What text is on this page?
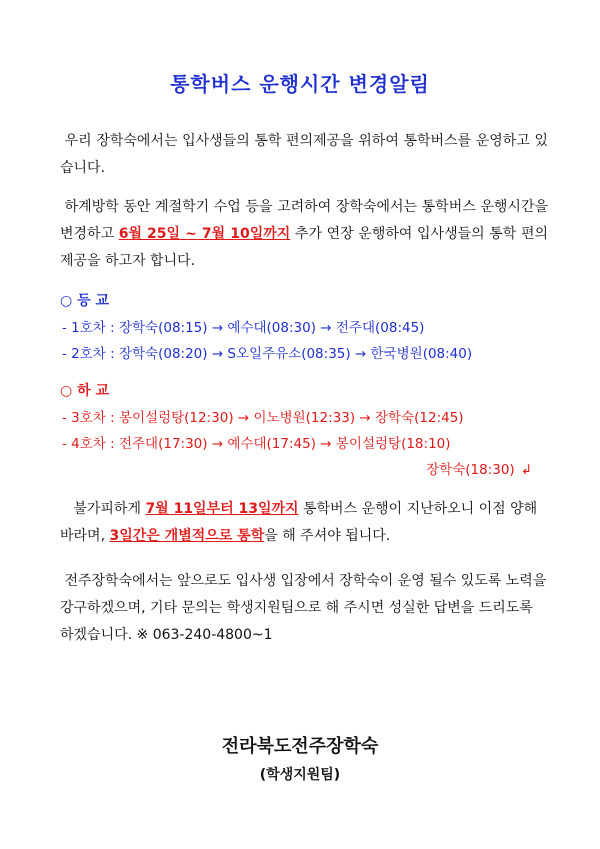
통학버스 운행시간 변경알림
우리 장학숙에서는 입사생들의 통학 편의제공을 위하여 통학버스를 운영하고 있습니다.
하계방학 동안 계절학기 수업 등을 고려하여 장학숙에서는 통학버스 운행시간을 변경하고 6월 25일 ~ 7월 10일까지 추가 연장 운행하여 입사생들의 통학 편의제공을 하고자 합니다.
○ 등 교
- 1호차 : 장학숙(08:15) → 예수대(08:30) → 전주대(08:45)
- 2호차 : 장학숙(08:20) → S오일주유소(08:35) → 한국병원(08:40)
○ 하 교
- 3호차 : 봉이설렁탕(12:30) → 이노병원(12:33) → 장학숙(12:45)
- 4호차 : 전주대(17:30) → 예수대(17:45) → 봉이설렁탕(18:10)
장학숙(18:30) ↲
불가피하게 7월 11일부터 13일까지 통학버스 운행이 지난하오니 이점 양해바라며, 3일간은 개별적으로 통학을 해 주셔야 됩니다.
전주장학숙에서는 앞으로도 입사생 입장에서 장학숙이 운영 될수 있도록 노력을 강구하겠으며, 기타 문의는 학생지원팀으로 해 주시면 성실한 답변을 드리도록 하겠습니다. ※ 063-240-4800~1
전라북도전주장학숙
(학생지원팀)
